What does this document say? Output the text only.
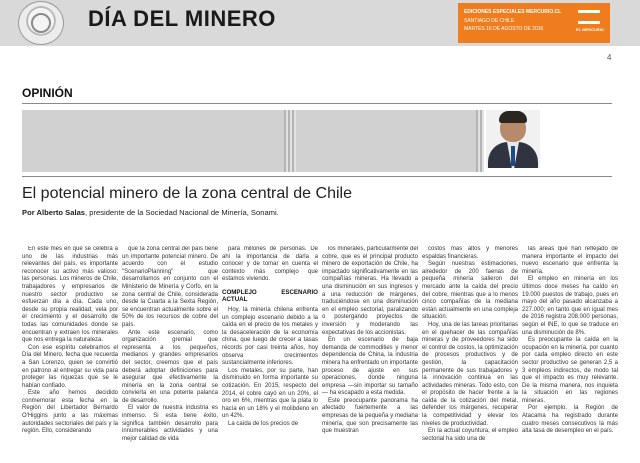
DÍA DEL MINERO	EDICIONES ESPECIALES MERCURIO.CL
SANTIAGO DE CHILE
MARTES 16 DE AGOSTO DE 2016	EL MERCURIO
4
OPINIÓN
El potencial minero de la zona central de Chile
Por Alberto Salas, presidente de la Sociedad Nacional de Minería, Sonami.

En este mes en que se celebra a uno de las industrias más relevantes del país, es importante reconocer su activo más valioso: las personas. Los mineros de Chile, trabajadores y empresarios de nuestro sector productivo se esfuerzan día a día. Cada uno, desde su propia realidad, vela por el crecimiento y el desarrollo de todas las comunidades donde se encuentran y extraen los minerales que nos entrega la naturaleza.

Con ese espíritu celebramos el Día del Minero, fecha que recuerda a San Lorenzo, quien se convirtió en patrono al entregar su vida para proteger las riquezas que se le habían confiado.

Este año hemos decidido conmemorar esta fecha en la Región del Libertador Bernardo O'Higgins junto a las máximas autoridades sectoriales del país y la región. Ello, considerando

que la zona central del país tiene un importante potencial minero. De acuerdo con el estudio "ScenarioPlanning" que desarrollamos en conjunto con el Ministerio de Minería y Corfo, en la zona central de Chile, considerada desde la Cuarta a la Sexta Región, se encuentran actualmente sobre el 50% de los recursos de cobre del país.

Ante este escenario, como organización gremial que representa a los pequeños, medianos y grandes empresarios del sector, creemos que el país deberá adoptar definiciones para asegurar que efectivamente la minería en la zona central se convierta en una potente palanca de desarrollo.

El valor de nuestra industria es inmenso. Si esta tiene éxito, significa también desarrollo para innumerables actividades y una mejor calidad de vida

para millones de personas. De ahí la importancia de darla a conocer y de tomar en cuenta el contexto más complejo que estamos viviendo.

COMPLEJO ESCENARIO ACTUAL

Hoy, la minería chilena enfrenta un complejo escenario debido a la caída en el precio de los metales y la desaceleración de la economía china, que luego de crecer a tasas récords por casi treinta años, hoy observa crecimientos sustancialmente inferiores.

Los metales, por su parte, han disminuido en forma importante su cotización. En 2015, respecto del 2014, el cobre cayó en un 20%, el oro en 6%, mientras que la plata lo hacía en un 18% y el molibdeno en un 42%.

La caída de los precios de

los minerales, particularmente del cobre, que es el principal producto minero de exportación de Chile, ha impactado significativamente en las compañías mineras. Ha llevado a una disminución en sus ingresos y a una reducción de márgenes, traduciéndose en una disminución en el empleo sectorial, paralizando o postergando proyectos de inversión y moderando las expectativas de los accionistas.

En un escenario de baja demanda de commodities y menor dependencia de China, la industria minera ha enfrentado un importante proceso de ajuste en sus operaciones, donde ninguna empresa —sin importar su tamaño— ha escapado a esta medida.

Este preocupante panorama ha afectado fuertemente a las empresas de la pequeña y mediana minería, que son precisamente las que muestran

costos más altos y menores espaldas financieras.

Según nuestras estimaciones, alrededor de 200 faenas de pequeña minería salieron del mercado ante la caída del precio del cobre, mientras que a lo menos cinco compañías de la mediana están actualmente en una compleja situación.

Hoy, una de las tareas prioritarias en el quehacer de las compañías mineras y de proveedores ha sido el control de costos, la optimización de procesos productivos y de gestión, la capacitación permanente de sus trabajadores y la innovación continua en las actividades mineras. Todo esto, con el propósito de hacer frente a la caída de la cotización del metal, defender los márgenes, recuperar la competitividad y elevar los niveles de productividad.

En la actual coyuntura, el empleo sectorial ha sido una de

las áreas que han reflejado de manera importante el impacto del nuevo escenario que enfrenta la minería.

El empleo en minería en los últimos doce meses ha caído en 19.000 puestos de trabajo, pues en mayo del año pasado alcanzaba a 227.000; en tanto que en igual mes de 2016 registra 208.000 personas, según el INE, lo que se traduce en una disminución de 8%.

Es preocupante la caída en la ocupación en la minería, por cuanto por cada empleo directo en este sector productivo se generan 2,5 a 3 empleos indirectos, de modo tal que el impacto es muy relevante. De la misma manera, nos inquieta la situación en las regiones mineras.

Por ejemplo, la Región de Atacama ha registrado durante cuatro meses consecutivos la más alta tasa de desempleo en el país.
